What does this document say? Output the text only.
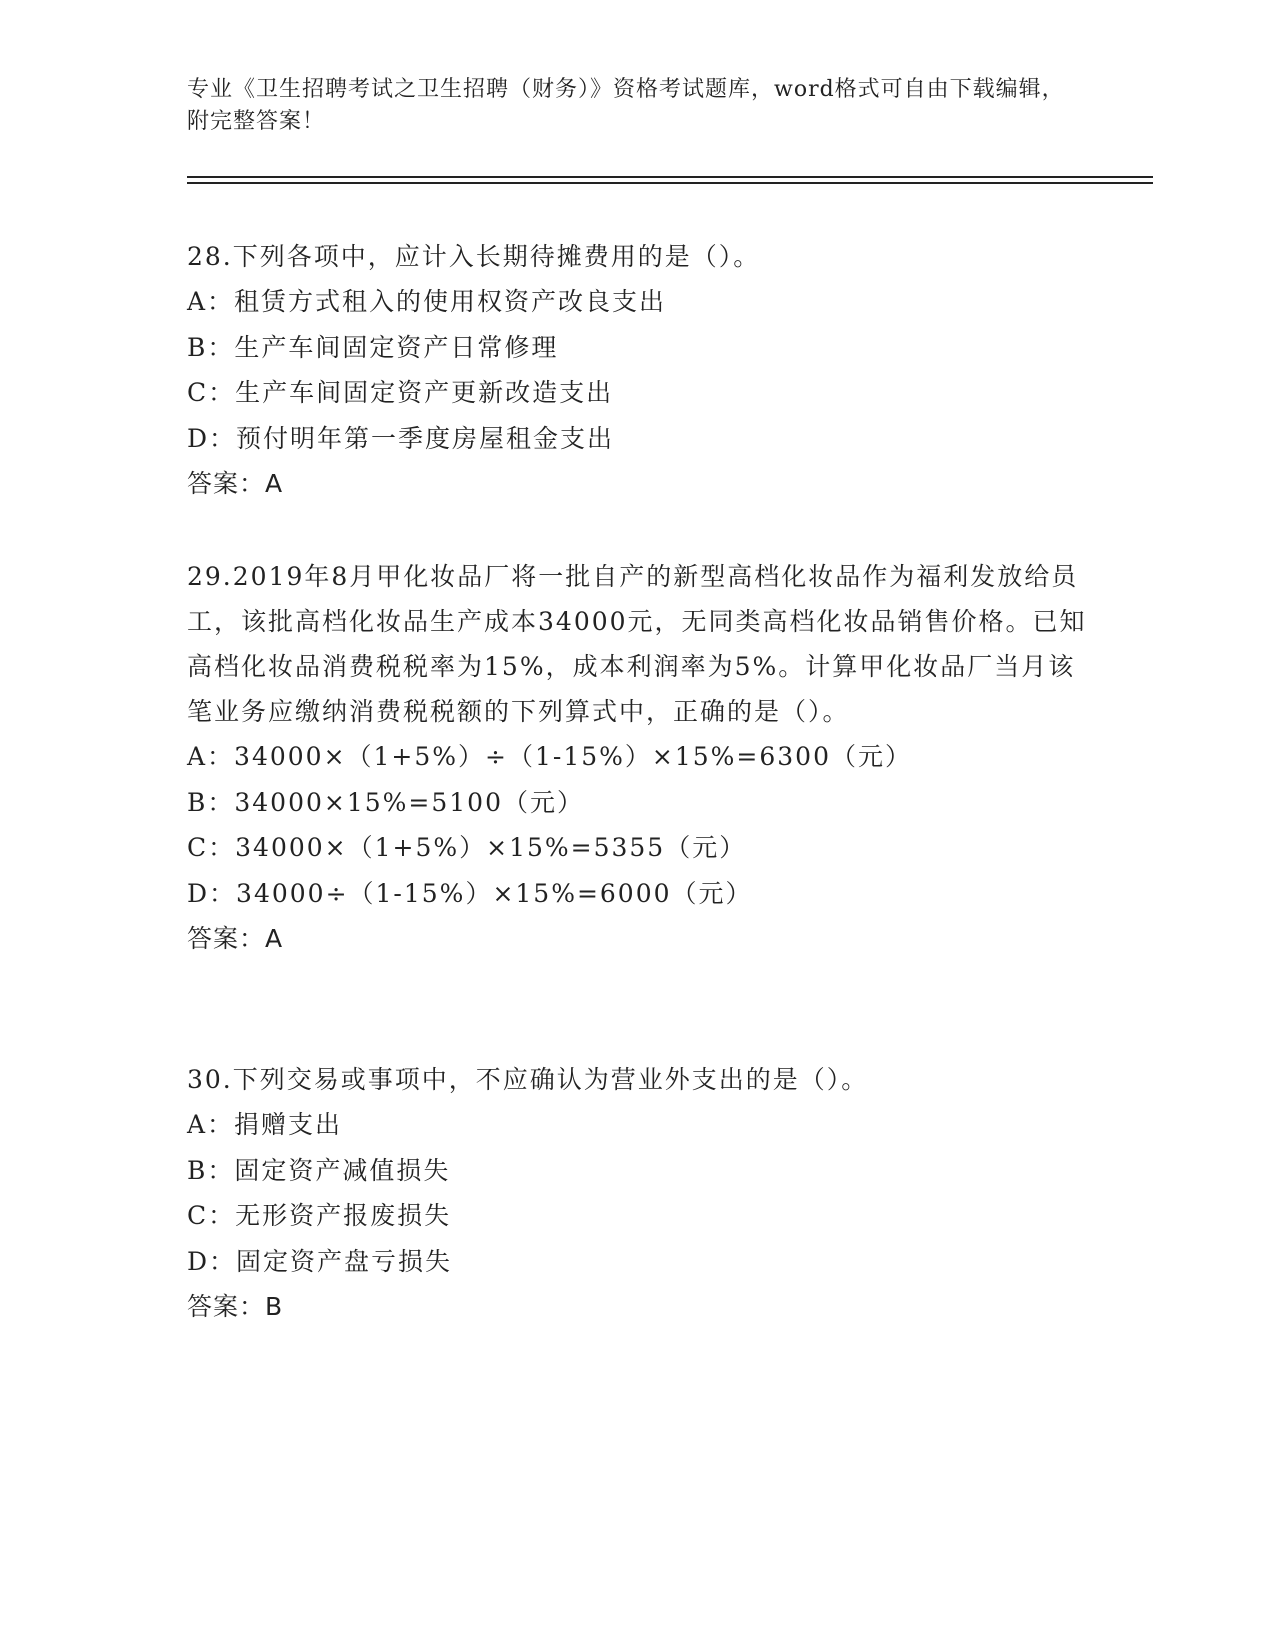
专业《卫生招聘考试之卫生招聘（财务）》资格考试题库，word格式可自由下载编辑，附完整答案！
28.下列各项中，应计入长期待摊费用的是（）。
A：租赁方式租入的使用权资产改良支出
B：生产车间固定资产日常修理
C：生产车间固定资产更新改造支出
D：预付明年第一季度房屋租金支出
答案：A
29.2019年8月甲化妆品厂将一批自产的新型高档化妆品作为福利发放给员工，该批高档化妆品生产成本34000元，无同类高档化妆品销售价格。已知高档化妆品消费税税率为15%，成本利润率为5%。计算甲化妆品厂当月该笔业务应缴纳消费税税额的下列算式中，正确的是（）。
A：34000×（1+5%）÷（1-15%）×15%=6300（元）
B：34000×15%=5100（元）
C：34000×（1+5%）×15%=5355（元）
D：34000÷（1-15%）×15%=6000（元）
答案：A
30.下列交易或事项中，不应确认为营业外支出的是（）。
A：捐赠支出
B：固定资产减值损失
C：无形资产报废损失
D：固定资产盘亏损失
答案：B
